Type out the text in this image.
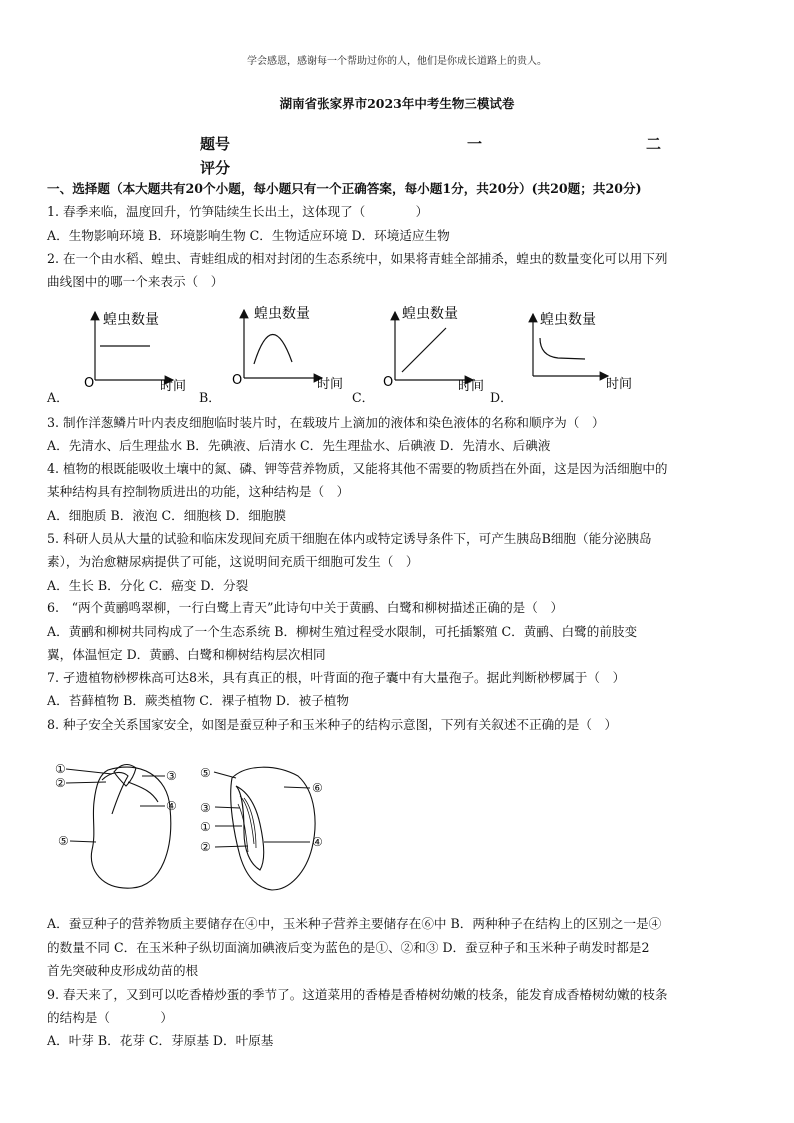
学会感恩，感谢每一个帮助过你的人，他们是你成长道路上的贵人。
湖南省张家界市2023年中考生物三模试卷
题号	一	二
评分
一、选择题（本大题共有20个小题，每小题只有一个正确答案，每小题1分，共20分）(共20题；共20分)
1. 春季来临，温度回升，竹笋陆续生长出土，这体现了（　　　　）
A．生物影响环境 B．环境影响生物 C．生物适应环境 D．环境适应生物
2. 在一个由水稻、蝗虫、青蛙组成的相对封闭的生态系统中，如果将青蛙全部捕杀，蝗虫的数量变化可以用下列
曲线图中的哪一个来表示（　）
蝗虫数量
时间
O
蝗虫数量
时间
O
蝗虫数量
时间
O
蝗虫数量
时间
A．	B．	C．	D．
3. 制作洋葱鳞片叶内表皮细胞临时装片时，在载玻片上滴加的液体和染色液体的名称和顺序为（　）
A．先清水、后生理盐水 B．先碘液、后清水 C．先生理盐水、后碘液 D．先清水、后碘液
4. 植物的根既能吸收土壤中的氮、磷、钾等营养物质，又能将其他不需要的物质挡在外面，这是因为活细胞中的
某种结构具有控制物质进出的功能，这种结构是（　）
A．细胞质 B．液泡 C．细胞核 D．细胞膜
5. 科研人员从大量的试验和临床发现间充质干细胞在体内或特定诱导条件下，可产生胰岛B细胞（能分泌胰岛
素），为治愈糖尿病提供了可能，这说明间充质干细胞可发生（　）
A．生长 B．分化 C．癌变 D．分裂
6.　“两个黄鹂鸣翠柳，一行白鹭上青天”此诗句中关于黄鹂、白鹭和柳树描述正确的是（　）
A．黄鹂和柳树共同构成了一个生态系统 B．柳树生殖过程受水限制，可托插繁殖 C．黄鹂、白鹭的前肢变
翼，体温恒定 D．黄鹂、白鹭和柳树结构层次相同
7. 孑遗植物桫椤株高可达8米，具有真正的根，叶背面的孢子囊中有大量孢子。据此判断桫椤属于（　）
A．苔藓植物 B．蕨类植物 C．裸子植物 D．被子植物
8. 种子安全关系国家安全，如图是蚕豆种子和玉米种子的结构示意图，下列有关叙述不正确的是（　）
①
②	③
④
⑤
⑤
③
①
②
⑥
④
A．蚕豆种子的营养物质主要储存在④中，玉米种子营养主要储存在⑥中 B．两种种子在结构上的区别之一是④
的数量不同 C．在玉米种子纵切面滴加碘液后变为蓝色的是①、②和③ D．蚕豆种子和玉米种子萌发时都是2
首先突破种皮形成幼苗的根
9. 春天来了，又到可以吃香椿炒蛋的季节了。这道菜用的香椿是香椿树幼嫩的枝条，能发育成香椿树幼嫩的枝条
的结构是（　　　　）
A．叶芽 B．花芽 C．芽原基 D．叶原基
